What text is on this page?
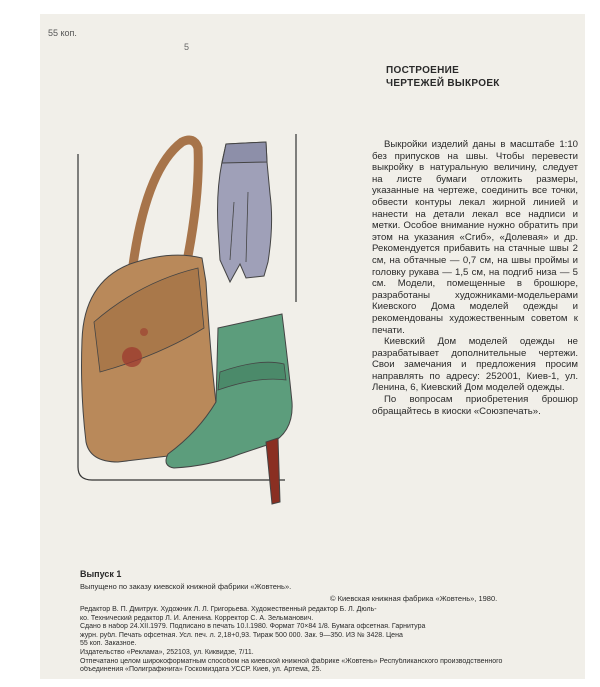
55 коп.
5
ПОСТРОЕНИЕ
ЧЕРТЕЖЕЙ ВЫКРОЕК

Выкройки изделий даны в масштабе 1:10 без припусков на швы. Чтобы перевести выкройку в натуральную величину, следует на листе бумаги отложить размеры, указанные на чертеже, соединить все точки, обвести контуры лекал жирной линией и нанести на детали лекал все надписи и метки. Особое внимание нужно обратить при этом на указания «Сгиб», «Долевая» и др. Рекомендуется прибавить на стачные швы 2 см, на обтачные — 0,7 см, на швы проймы и головку рукава — 1,5 см, на подгиб низа — 5 см. Модели, помещенные в брошюре, разработаны художниками-модельерами Киевского Дома моделей одежды и рекомендованы художественным советом к печати.

Киевский Дом моделей одежды не разрабатывает дополнительные чертежи. Свои замечания и предложения просим направлять по адресу: 252001, Киев-1, ул. Ленина, 6, Киевский Дом моделей одежды.

По вопросам приобретения брошюр обращайтесь в киоски «Союзпечать».

Выпуск 1
Выпущено по заказу киевской книжной фабрики «Жовтень».
© Киевская книжная фабрика «Жовтень», 1980.
Редактор В. П. Дмитрук. Художник Л. Л. Григорьева. Художественный редактор Б. Л. Дюль-
ко. Технический редактор Л. И. Аленина. Корректор С. А. Зельманович.
Сдано в набор 24.XII.1979. Подписано в печать 10.I.1980. Формат 70×84 1/8. Бумага офсетная. Гарнитура
журн. рубл. Печать офсетная. Усл. печ. л. 2,18+0,93. Тираж 500 000. Зак. 9—350. ИЗ № 3428. Цена
55 коп. Заказное.
Издательство «Реклама», 252103, ул. Киквидзе, 7/11.
Отпечатано целом широкоформатным способом на киевской книжной фабрике «Жовтень» Республиканского производственного
объединения «Полиграфкнига» Госкомиздата УССР. Киев, ул. Артема, 25.
